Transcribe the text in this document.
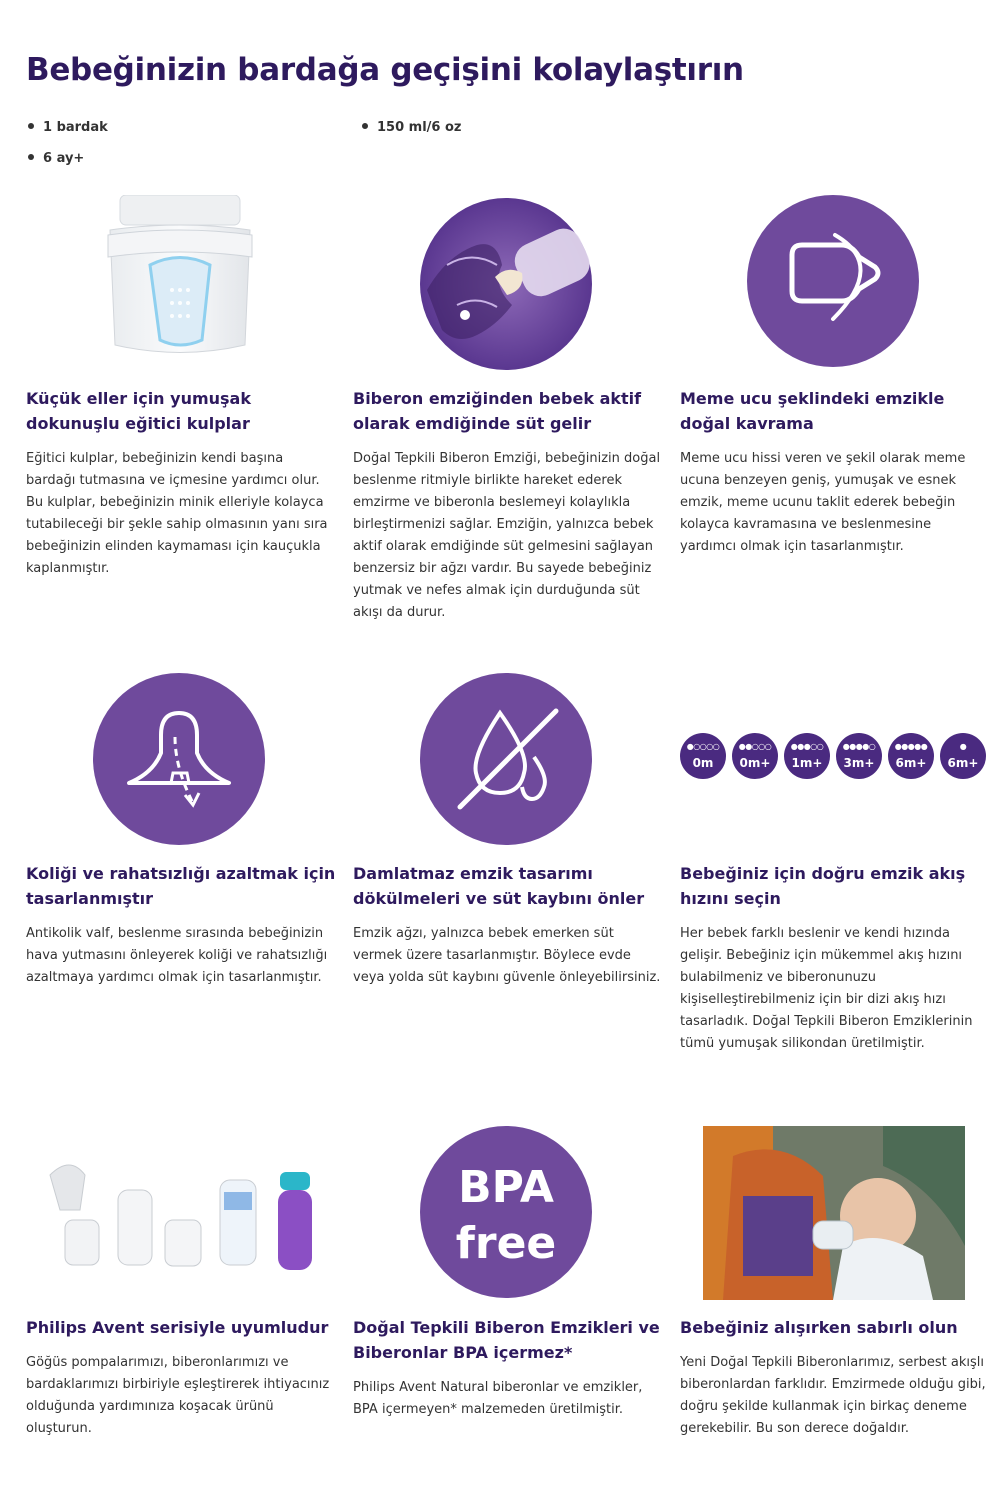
Bebeğinizin bardağa geçişini kolaylaştırın
1 bardak	150 ml/6 oz
6 ay+
Küçük eller için yumuşak dokunuşlu eğitici kulplar

Eğitici kulplar, bebeğinizin kendi başına bardağı tutmasına ve içmesine yardımcı olur. Bu kulplar, bebeğinizin minik elleriyle kolayca tutabileceği bir şekle sahip olmasının yanı sıra bebeğinizin elinden kaymaması için kauçukla kaplanmıştır.

Biberon emziğinden bebek aktif olarak emdiğinde süt gelir

Doğal Tepkili Biberon Emziği, bebeğinizin doğal beslenme ritmiyle birlikte hareket ederek emzirme ve biberonla beslemeyi kolaylıkla birleştirmenizi sağlar. Emziğin, yalnızca bebek aktif olarak emdiğinde süt gelmesini sağlayan benzersiz bir ağzı vardır. Bu sayede bebeğiniz yutmak ve nefes almak için durduğunda süt akışı da durur.

Meme ucu şeklindeki emzikle doğal kavrama

Meme ucu hissi veren ve şekil olarak meme ucuna benzeyen geniş, yumuşak ve esnek emzik, meme ucunu taklit ederek bebeğin kolayca kavramasına ve beslenmesine yardımcı olmak için tasarlanmıştır.

●○○○○
0m
●●○○○
0m+
●●●○○
1m+
●●●●○
3m+
●●●●●
6m+
●
6m+
Koliği ve rahatsızlığı azaltmak için tasarlanmıştır

Antikolik valf, beslenme sırasında bebeğinizin hava yutmasını önleyerek koliği ve rahatsızlığı azaltmaya yardımcı olmak için tasarlanmıştır.

Damlatmaz emzik tasarımı dökülmeleri ve süt kaybını önler

Emzik ağzı, yalnızca bebek emerken süt vermek üzere tasarlanmıştır. Böylece evde veya yolda süt kaybını güvenle önleyebilirsiniz.

Bebeğiniz için doğru emzik akış hızını seçin

Her bebek farklı beslenir ve kendi hızında gelişir. Bebeğiniz için mükemmel akış hızını bulabilmeniz ve biberonunuzu kişiselleştirebilmeniz için bir dizi akış hızı tasarladık. Doğal Tepkili Biberon Emziklerinin tümü yumuşak silikondan üretilmiştir.

BPA
free
Philips Avent serisiyle uyumludur

Göğüs pompalarımızı, biberonlarımızı ve bardaklarımızı birbiriyle eşleştirerek ihtiyacınız olduğunda yardımınıza koşacak ürünü oluşturun.

Doğal Tepkili Biberon Emzikleri ve Biberonlar BPA içermez*

Philips Avent Natural biberonlar ve emzikler, BPA içermeyen* malzemeden üretilmiştir.

Bebeğiniz alışırken sabırlı olun

Yeni Doğal Tepkili Biberonlarımız, serbest akışlı biberonlardan farklıdır. Emzirmede olduğu gibi, doğru şekilde kullanmak için birkaç deneme gerekebilir. Bu son derece doğaldır.
